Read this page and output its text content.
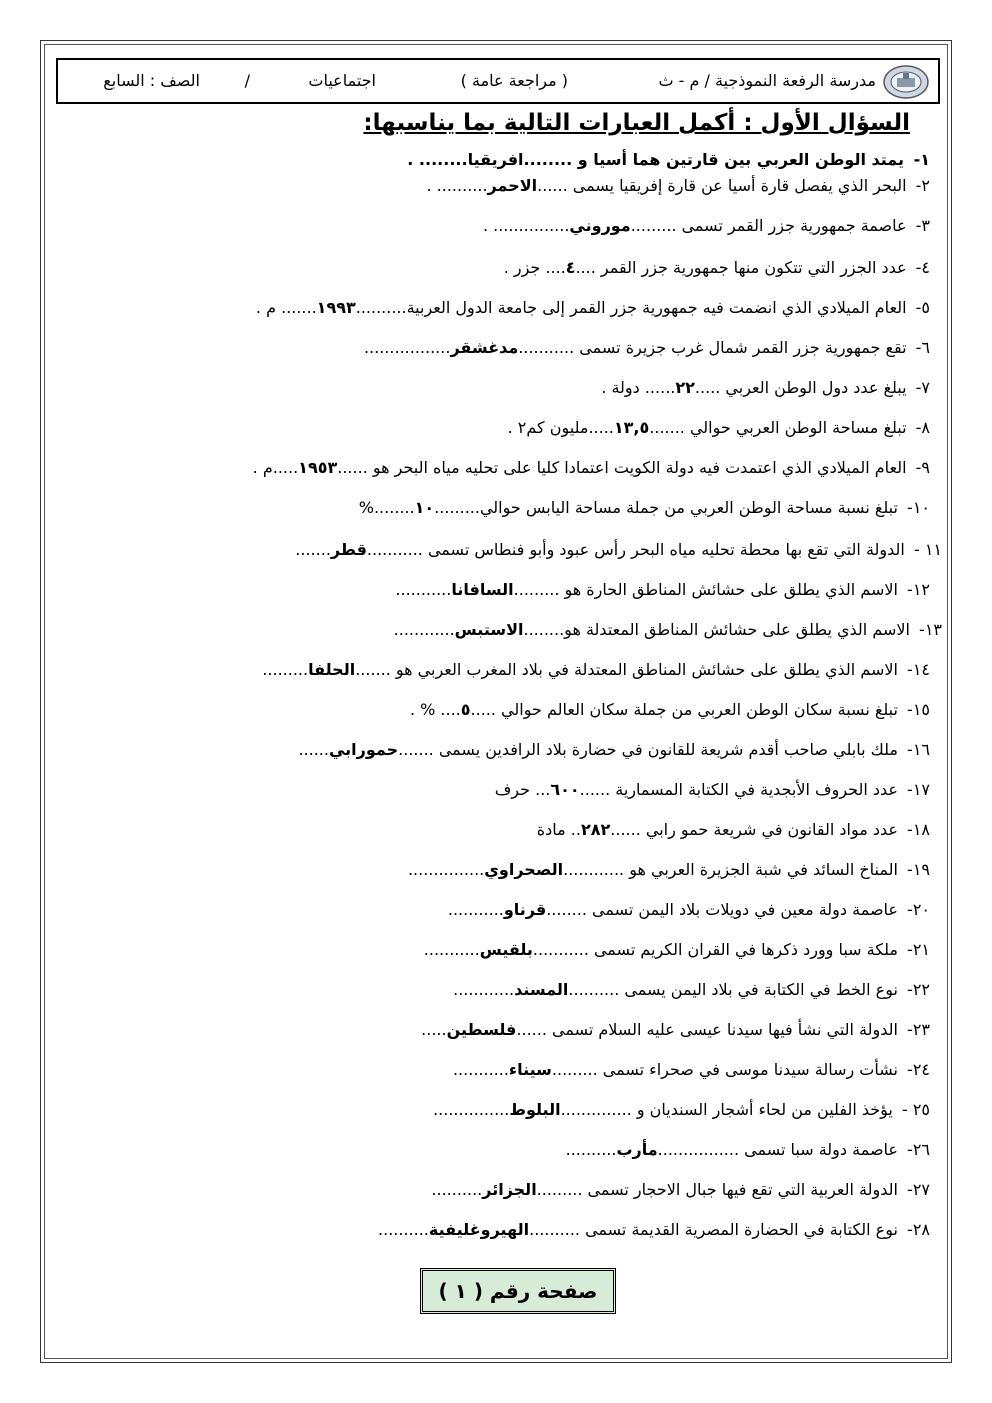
مدرسة الرفعة النموذجية / م - ث
( مراجعة عامة )
اجتماعيات
/
الصف : السابع
السؤال الأول : أكمل العبارات التالية بما يناسبها:
١- يمتد الوطن العربي بين قارتين هما أسيا و ........افريقيا........ .
٢- البحر الذي يفصل قارة أسيا عن قارة إفريقيا يسمى ......الاحمر.......... .
٣- عاصمة جمهورية جزر القمر تسمى .........موروني............... .
٤- عدد الجزر التي تتكون منها جمهورية جزر القمر ....٤.... جزر .
٥- العام الميلادي الذي انضمت فيه جمهورية جزر القمر إلى جامعة الدول العربية..........١٩٩٣....... م .
٦- تقع جمهورية جزر القمر شمال غرب جزيرة تسمى ...........مدغشقر.................
٧- يبلغ عدد دول الوطن العربي .....٢٢...... دولة .
٨- تبلغ مساحة الوطن العربي حوالي .......١٣,٥.....مليون كم٢ .
٩- العام الميلادي الذي اعتمدت فيه دولة الكويت اعتمادا كليا على تحليه مياه البحر هو ......١٩٥٣.....م .
١٠- تبلغ نسبة مساحة الوطن العربي من جملة مساحة اليابس حوالي.........١٠........%
١١ - الدولة التي تقع بها محطة تحليه مياه البحر رأس عبود وأبو فنطاس تسمى ...........قطر.......
١٢- الاسم الذي يطلق على حشائش المناطق الحارة هو .........السافانا...........
١٣- الاسم الذي يطلق على حشائش المناطق المعتدلة هو........الاستبس............
١٤- الاسم الذي يطلق على حشائش المناطق المعتدلة في بلاد المغرب العربي هو .......الحلفا.........
١٥- تبلغ نسبة سكان الوطن العربي من جملة سكان العالم حوالي .....٥.... % .
١٦- ملك بابلي صاحب أقدم شريعة للقانون في حضارة بلاد الرافدين يسمى .......حمورابي......
١٧- عدد الحروف الأبجدية في الكتابة المسمارية ......٦٠٠... حرف
١٨- عدد مواد القانون في شريعة حمو رابي ......٢٨٢.. مادة
١٩- المناخ السائد في شبة الجزيرة العربي هو ............الصحراوي...............
٢٠- عاصمة دولة معين في دويلات بلاد اليمن تسمى ........قرناو...........
٢١- ملكة سبا وورد ذكرها في القران الكريم تسمى ...........بلقيس...........
٢٢- نوع الخط في الكتابة في بلاد اليمن يسمى ..........المسند............
٢٣- الدولة التي نشأ فيها سيدنا عيسى عليه السلام تسمى ......فلسطين.....
٢٤- نشأت رسالة سيدنا موسى في صحراء تسمى .........سيناء...........
٢٥ - يؤخذ الفلين من لحاء أشجار السنديان و ..............البلوط...............
٢٦- عاصمة دولة سبا تسمى ................مأرب..........
٢٧- الدولة العربية التي تقع فيها جبال الاحجار تسمى .........الجزائر..........
٢٨- نوع الكتابة في الحضارة المصرية القديمة تسمى ..........الهيروغليفية..........
صفحة رقم ( ١ )
